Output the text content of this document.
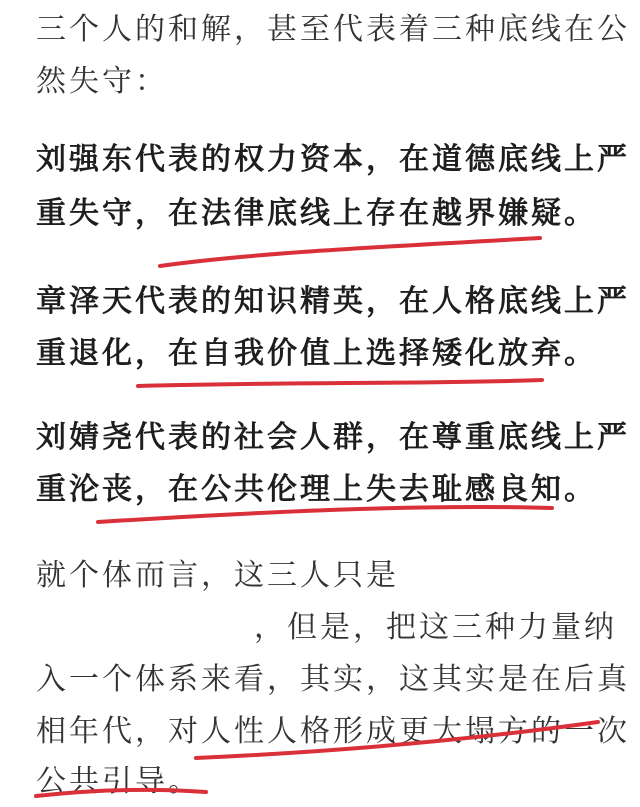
三个人的和解，甚至代表着三种底线在公
然失守：
刘强东代表的权力资本，在道德底线上严
重失守，在法律底线上存在越界嫌疑。
章泽天代表的知识精英，在人格底线上严
重退化，在自我价值上选择矮化放弃。
刘婧尧代表的社会人群，在尊重底线上严
重沦丧，在公共伦理上失去耻感良知。
就个体而言，这三人只是
，但是，把这三种力量纳
入一个体系来看，其实，这其实是在后真
相年代，对人性人格形成更大塌方的一次
公共引导。
